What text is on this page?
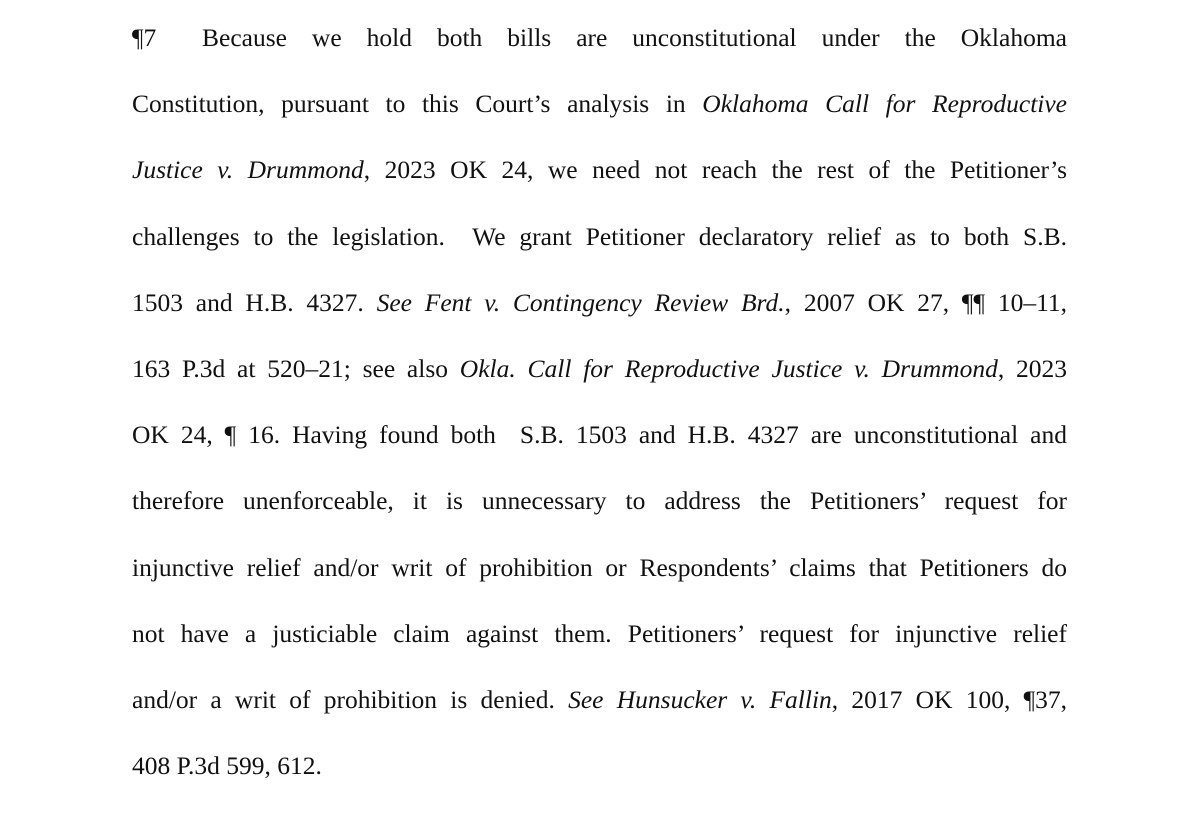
¶7	Because we hold both bills are unconstitutional under the Oklahoma
Constitution, pursuant to this Court’s analysis in Oklahoma Call for Reproductive
Justice v. Drummond, 2023 OK 24, we need not reach the rest of the Petitioner’s
challenges to the legislation.  We grant Petitioner declaratory relief as to both S.B.
1503 and H.B. 4327. See Fent v. Contingency Review Brd., 2007 OK 27, ¶¶ 10–11,
163 P.3d at 520–21; see also Okla. Call for Reproductive Justice v. Drummond, 2023
OK 24, ¶ 16. Having found both  S.B. 1503 and H.B. 4327 are unconstitutional and
therefore unenforceable, it is unnecessary to address the Petitioners’ request for
injunctive relief and/or writ of prohibition or Respondents’ claims that Petitioners do
not have a justiciable claim against them. Petitioners’ request for injunctive relief
and/or a writ of prohibition is denied. See Hunsucker v. Fallin, 2017 OK 100, ¶37,
408 P.3d 599, 612.
